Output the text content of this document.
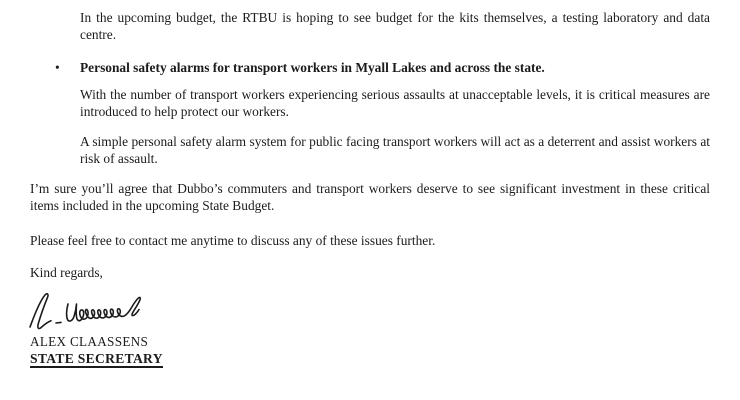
In the upcoming budget, the RTBU is hoping to see budget for the kits themselves, a testing laboratory and data centre.

•	Personal safety alarms for transport workers in Myall Lakes and across the state.

With the number of transport workers experiencing serious assaults at unacceptable levels, it is critical measures are introduced to help protect our workers.

A simple personal safety alarm system for public facing transport workers will act as a deterrent and assist workers at risk of assault.

I’m sure you’ll agree that Dubbo’s commuters and transport workers deserve to see significant investment in these critical items included in the upcoming State Budget.

Please feel free to contact me anytime to discuss any of these issues further.

Kind regards,

ALEX CLAASSENS
STATE SECRETARY
